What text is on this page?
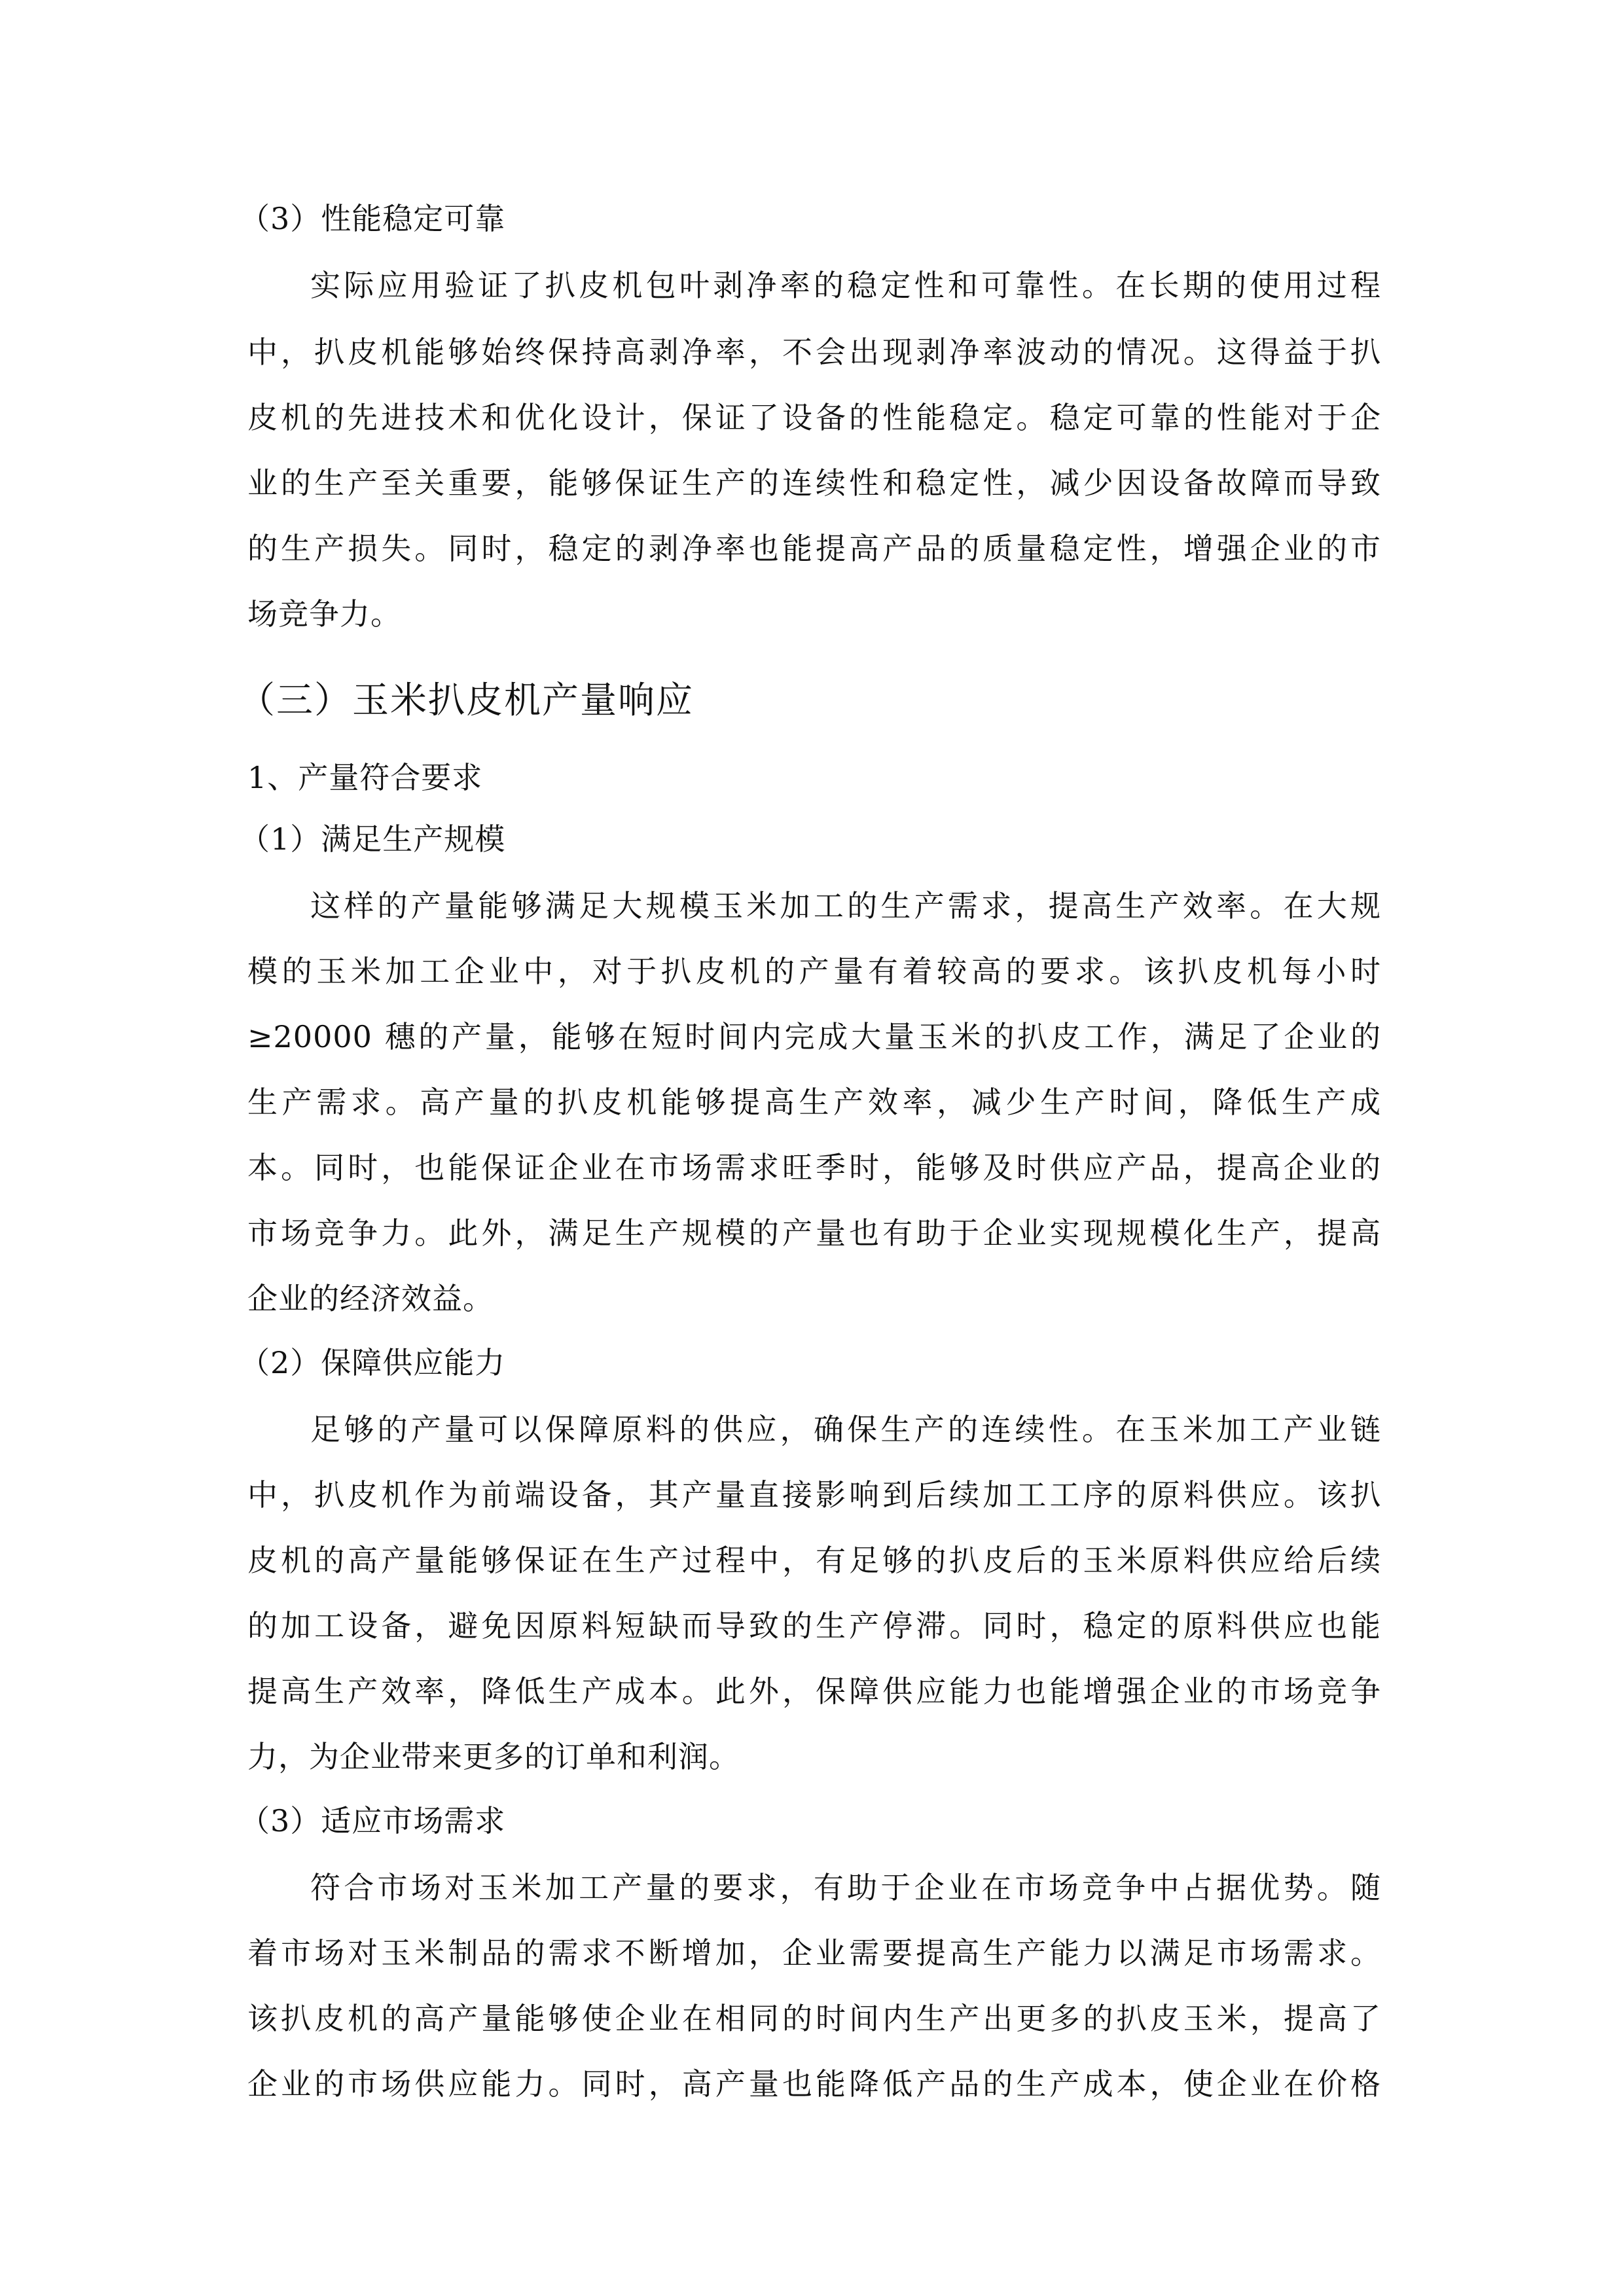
（3）性能稳定可靠
实际应用验证了扒皮机包叶剥净率的稳定性和可靠性。在长期的使用过程
中，扒皮机能够始终保持高剥净率，不会出现剥净率波动的情况。这得益于扒
皮机的先进技术和优化设计，保证了设备的性能稳定。稳定可靠的性能对于企
业的生产至关重要，能够保证生产的连续性和稳定性，减少因设备故障而导致
的生产损失。同时，稳定的剥净率也能提高产品的质量稳定性，增强企业的市
场竞争力。
（三）玉米扒皮机产量响应
1、产量符合要求
（1）满足生产规模
这样的产量能够满足大规模玉米加工的生产需求，提高生产效率。在大规
模的玉米加工企业中，对于扒皮机的产量有着较高的要求。该扒皮机每小时
≥20000 穗的产量，能够在短时间内完成大量玉米的扒皮工作，满足了企业的
生产需求。高产量的扒皮机能够提高生产效率，减少生产时间，降低生产成
本。同时，也能保证企业在市场需求旺季时，能够及时供应产品，提高企业的
市场竞争力。此外，满足生产规模的产量也有助于企业实现规模化生产，提高
企业的经济效益。
（2）保障供应能力
足够的产量可以保障原料的供应，确保生产的连续性。在玉米加工产业链
中，扒皮机作为前端设备，其产量直接影响到后续加工工序的原料供应。该扒
皮机的高产量能够保证在生产过程中，有足够的扒皮后的玉米原料供应给后续
的加工设备，避免因原料短缺而导致的生产停滞。同时，稳定的原料供应也能
提高生产效率，降低生产成本。此外，保障供应能力也能增强企业的市场竞争
力，为企业带来更多的订单和利润。
（3）适应市场需求
符合市场对玉米加工产量的要求，有助于企业在市场竞争中占据优势。随
着市场对玉米制品的需求不断增加，企业需要提高生产能力以满足市场需求。
该扒皮机的高产量能够使企业在相同的时间内生产出更多的扒皮玉米，提高了
企业的市场供应能力。同时，高产量也能降低产品的生产成本，使企业在价格
